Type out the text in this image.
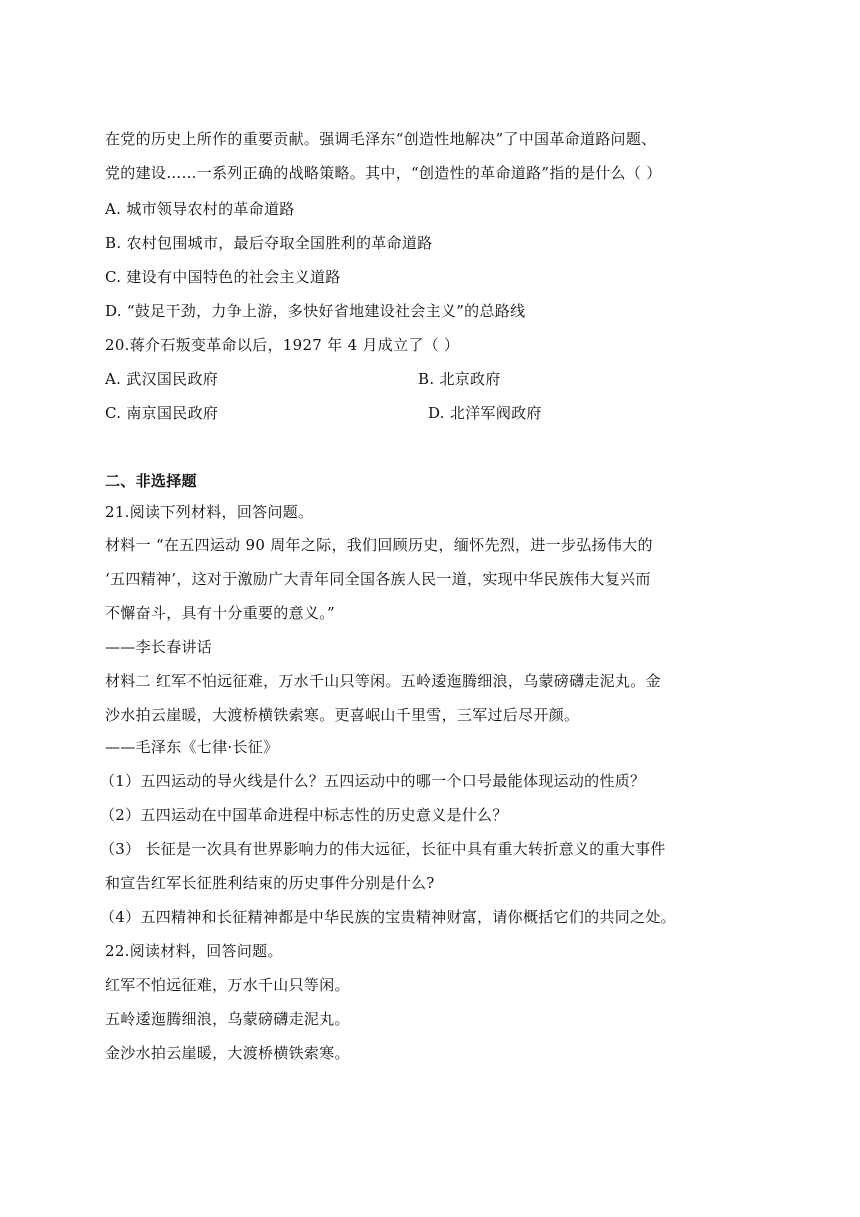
在党的历史上所作的重要贡献。强调毛泽东“创造性地解决”了中国革命道路问题、
党的建设……一系列正确的战略策略。其中，“创造性的革命道路”指的是什么（ ）
A. 城市领导农村的革命道路
B. 农村包围城市，最后夺取全国胜利的革命道路
C. 建设有中国特色的社会主义道路
D. “鼓足干劲，力争上游，多快好省地建设社会主义”的总路线
20.蒋介石叛变革命以后，1927 年 4 月成立了（ ）
A. 武汉国民政府	B. 北京政府
C. 南京国民政府	D. 北洋军阀政府
二、非选择题
21.阅读下列材料，回答问题。
材料一 “在五四运动 90 周年之际，我们回顾历史，缅怀先烈，进一步弘扬伟大的
‘五四精神’，这对于激励广大青年同全国各族人民一道，实现中华民族伟大复兴而
不懈奋斗，具有十分重要的意义。”
——李长春讲话
材料二 红军不怕远征难，万水千山只等闲。五岭逶迤腾细浪，乌蒙磅礴走泥丸。金
沙水拍云崖暖，大渡桥横铁索寒。更喜岷山千里雪，三军过后尽开颜。
——毛泽东《七律·长征》
（1）五四运动的导火线是什么？五四运动中的哪一个口号最能体现运动的性质？
（2）五四运动在中国革命进程中标志性的历史意义是什么？
（3） 长征是一次具有世界影响力的伟大远征，长征中具有重大转折意义的重大事件
和宣告红军长征胜利结束的历史事件分别是什么?
（4）五四精神和长征精神都是中华民族的宝贵精神财富，请你概括它们的共同之处。
22.阅读材料，回答问题。
红军不怕远征难，万水千山只等闲。
五岭逶迤腾细浪，乌蒙磅礴走泥丸。
金沙水拍云崖暖，大渡桥横铁索寒。
